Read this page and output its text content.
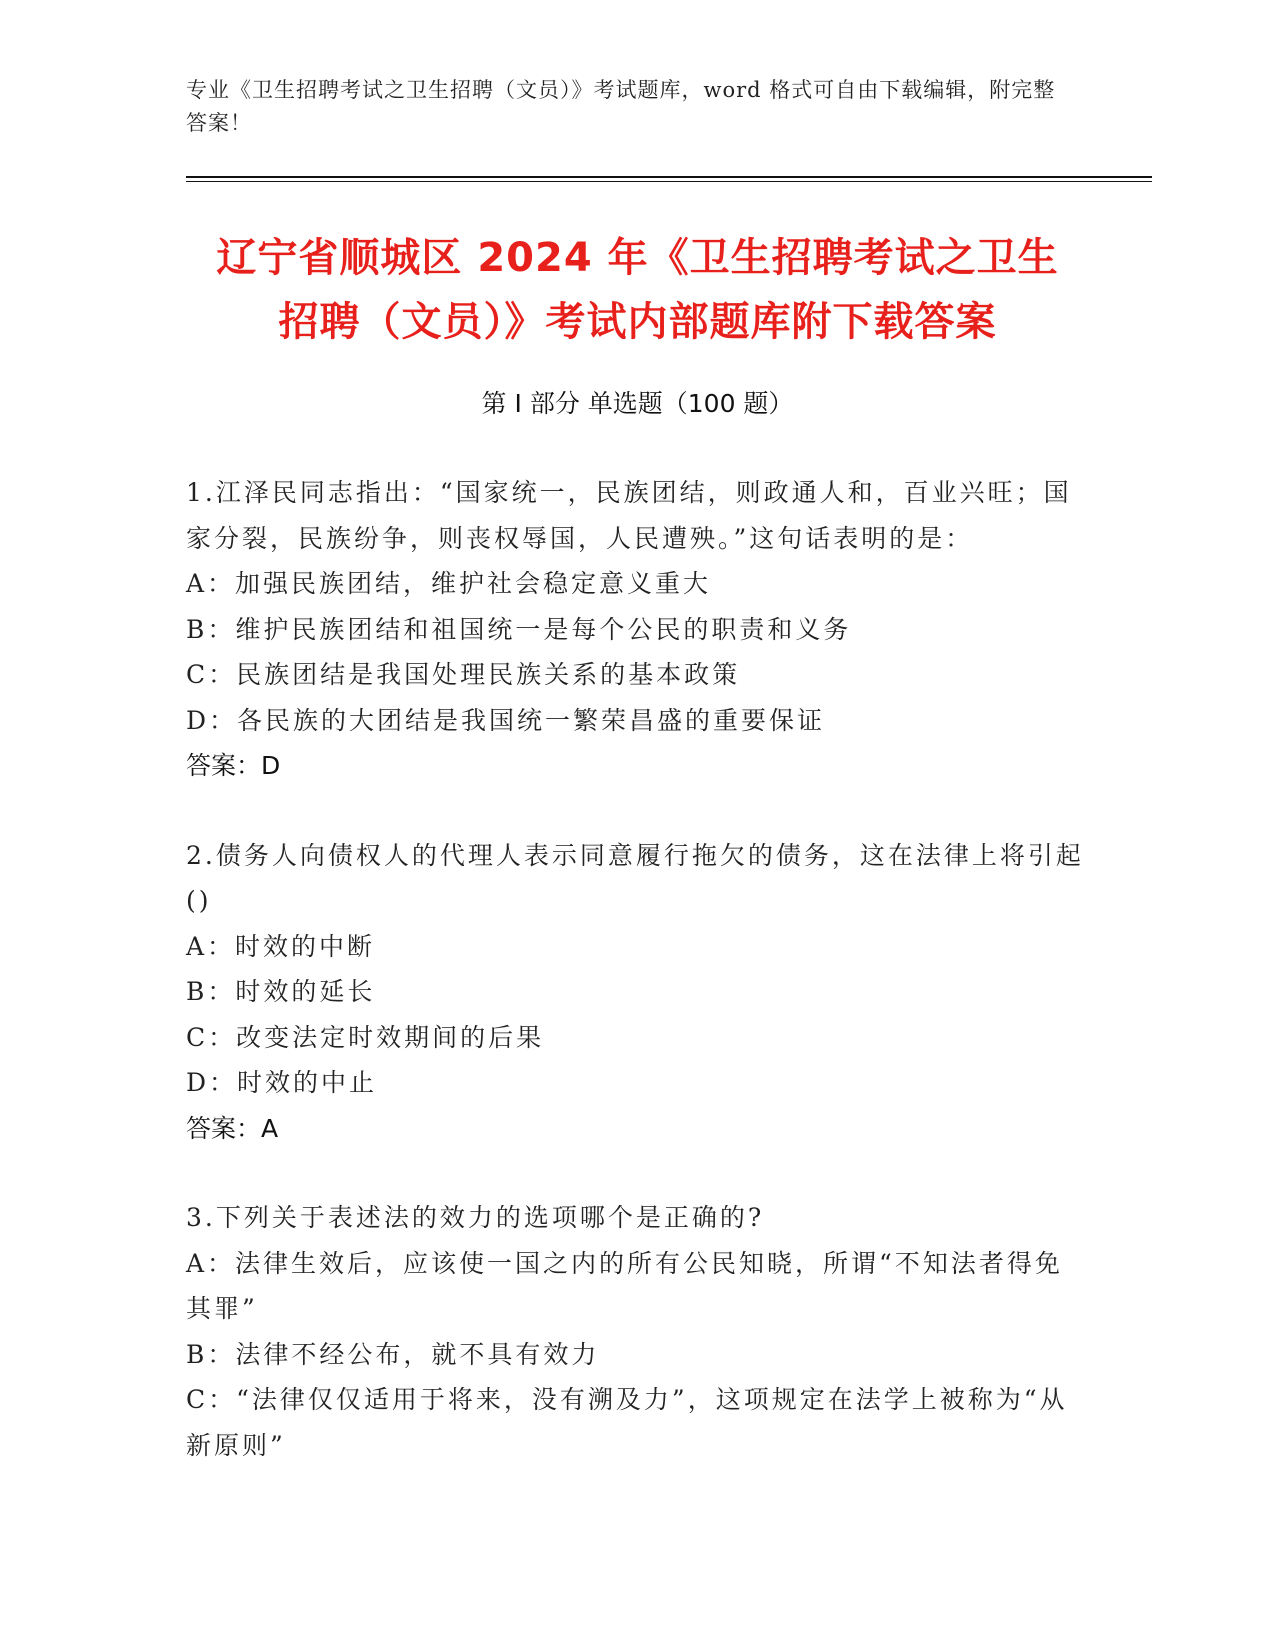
专业《卫生招聘考试之卫生招聘（文员）》考试题库，word 格式可自由下载编辑，附完整答案！
辽宁省顺城区 2024 年《卫生招聘考试之卫生
招聘（文员）》考试内部题库附下载答案
第 I 部分 单选题（100 题）
1.江泽民同志指出：“国家统一，民族团结，则政通人和，百业兴旺；国家分裂，民族纷争，则丧权辱国，人民遭殃。”这句话表明的是：
A：加强民族团结，维护社会稳定意义重大
B：维护民族团结和祖国统一是每个公民的职责和义务
C：民族团结是我国处理民族关系的基本政策
D：各民族的大团结是我国统一繁荣昌盛的重要保证
答案：D
2.债务人向债权人的代理人表示同意履行拖欠的债务，这在法律上将引起()
A：时效的中断
B：时效的延长
C：改变法定时效期间的后果
D：时效的中止
答案：A
3.下列关于表述法的效力的选项哪个是正确的?
A：法律生效后，应该使一国之内的所有公民知晓，所谓“不知法者得免其罪”
B：法律不经公布，就不具有效力
C：“法律仅仅适用于将来，没有溯及力”，这项规定在法学上被称为“从新原则”
